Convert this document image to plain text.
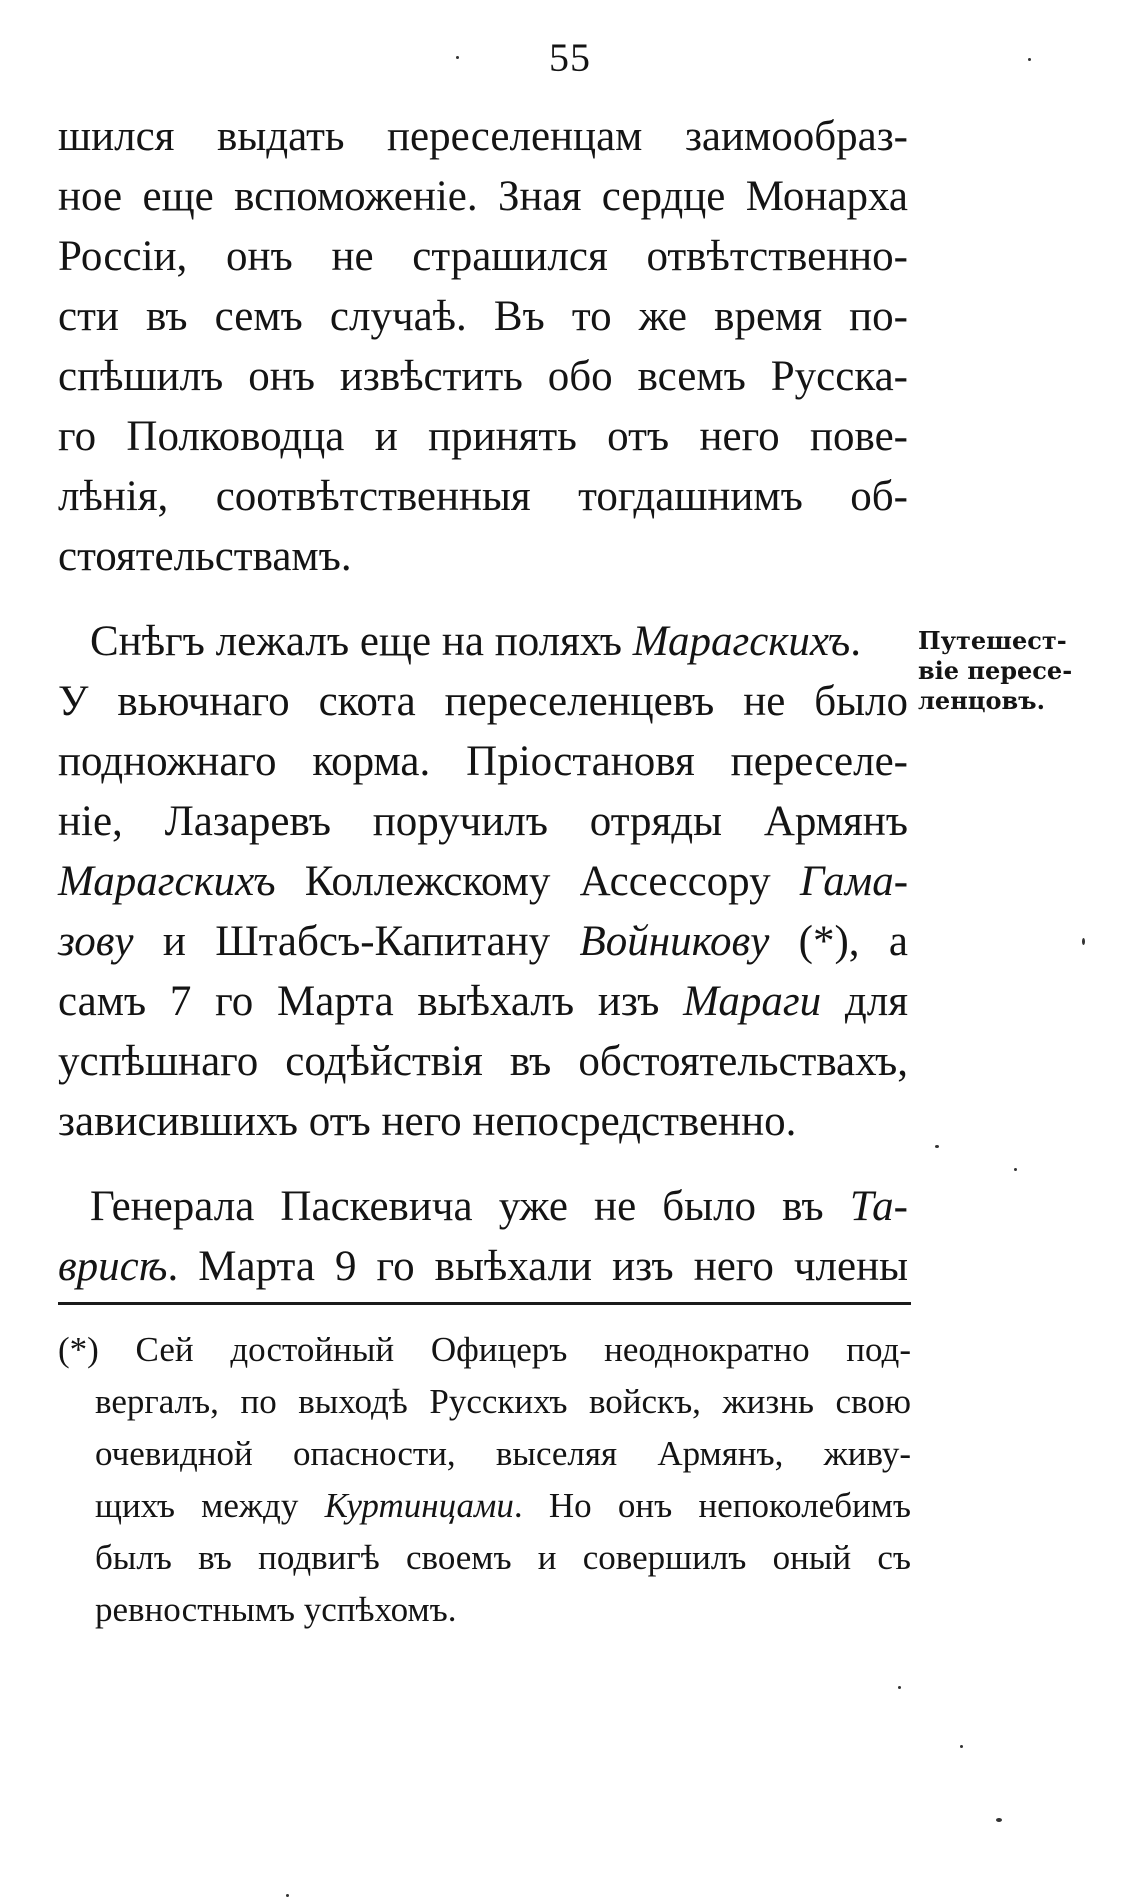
55
шился выдать переселенцам заимообраз-
ное еще вспоможеніе. Зная сердце Монарха
Россіи, онъ не страшился отвѣтственно-
сти въ семъ случаѣ. Въ то же время по-
спѣшилъ онъ извѣстить обо всемъ Русска-
го Полководца и принять отъ него пове-
лѣнія, соотвѣтственныя тогдашнимъ об-
стоятельствамъ.
Снѣгъ лежалъ еще на поляхъ Марагскихъ.
У вьючнаго скота переселенцевъ не было
подножнаго корма. Пріостановя переселе-
ніе, Лазаревъ поручилъ отряды Армянъ
Марагскихъ Коллежскому Ассессору Гама-
зову и Штабсъ-Капитану Войникову (*), а
самъ 7 го Марта выѣхалъ изъ Мараги для
успѣшнаго содѣйствія въ обстоятельствахъ,
зависившихъ отъ него непосредственно.
Генерала Паскевича уже не было въ Та-
врисѣ. Марта 9 го выѣхали изъ него члены
Путешест-
віе пересе-
ленцовъ.
(*) Сей достойный Офицеръ неоднократно под-
вергалъ, по выходѣ Русскихъ войскъ, жизнь свою
очевидной опасности, выселяя Армянъ, живу-
щихъ между Куртинцами. Но онъ непоколебимъ
былъ въ подвигѣ своемъ и совершилъ оный съ
ревностнымъ успѣхомъ.
